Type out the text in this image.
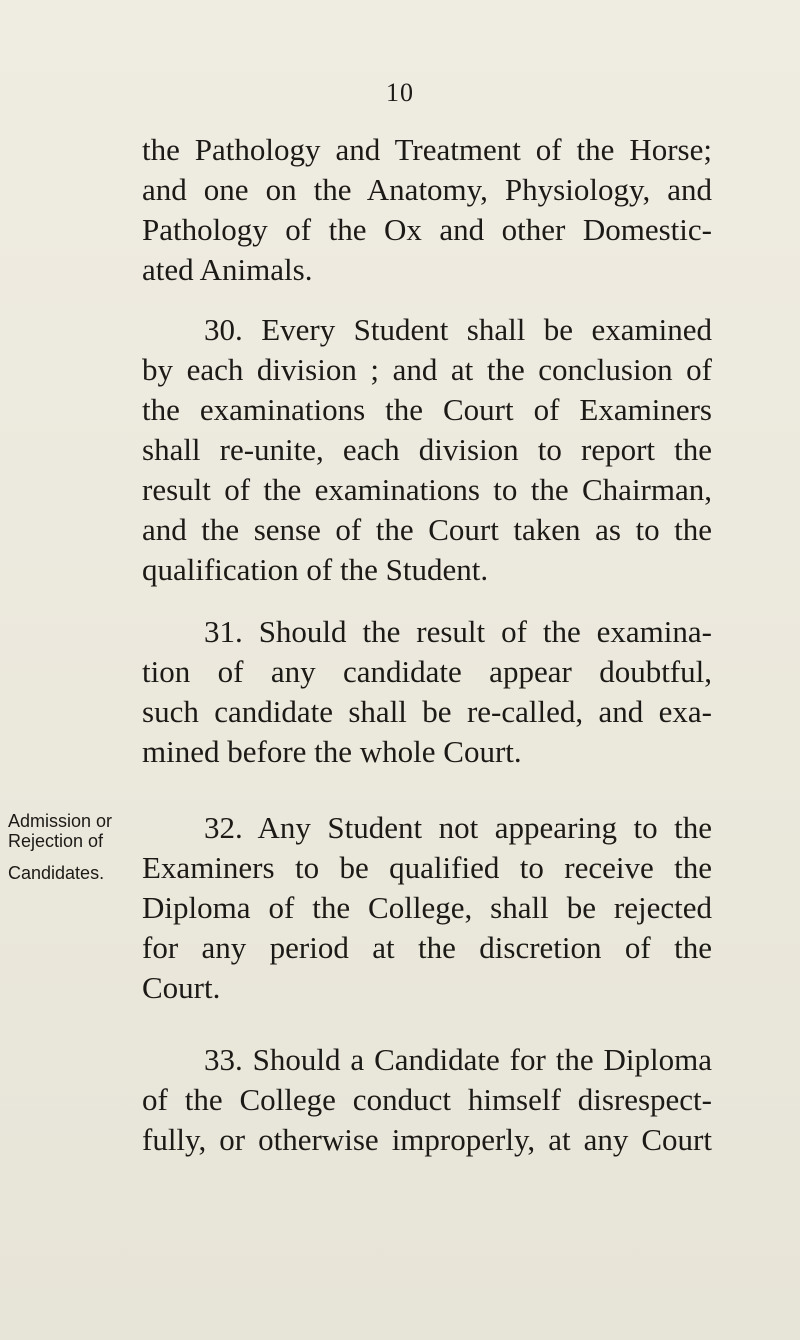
10
the Pathology and Treatment of the Horse;
and one on the Anatomy, Physiology, and
Pathology of the Ox and other Domestic-
ated Animals.
30. Every Student shall be examined
by each division ; and at the conclusion of
the examinations the Court of Examiners
shall re-unite, each division to report the
result of the examinations to the Chairman,
and the sense of the Court taken as to the
qualification of the Student.
31. Should the result of the examina-
tion of any candidate appear doubtful,
such candidate shall be re-called, and exa-
mined before the whole Court.
Admission or
Rejection of
Candidates.
32. Any Student not appearing to the
Examiners to be qualified to receive the
Diploma of the College, shall be rejected
for any period at the discretion of the
Court.
33. Should a Candidate for the Diploma
of the College conduct himself disrespect-
fully, or otherwise improperly, at any Court
